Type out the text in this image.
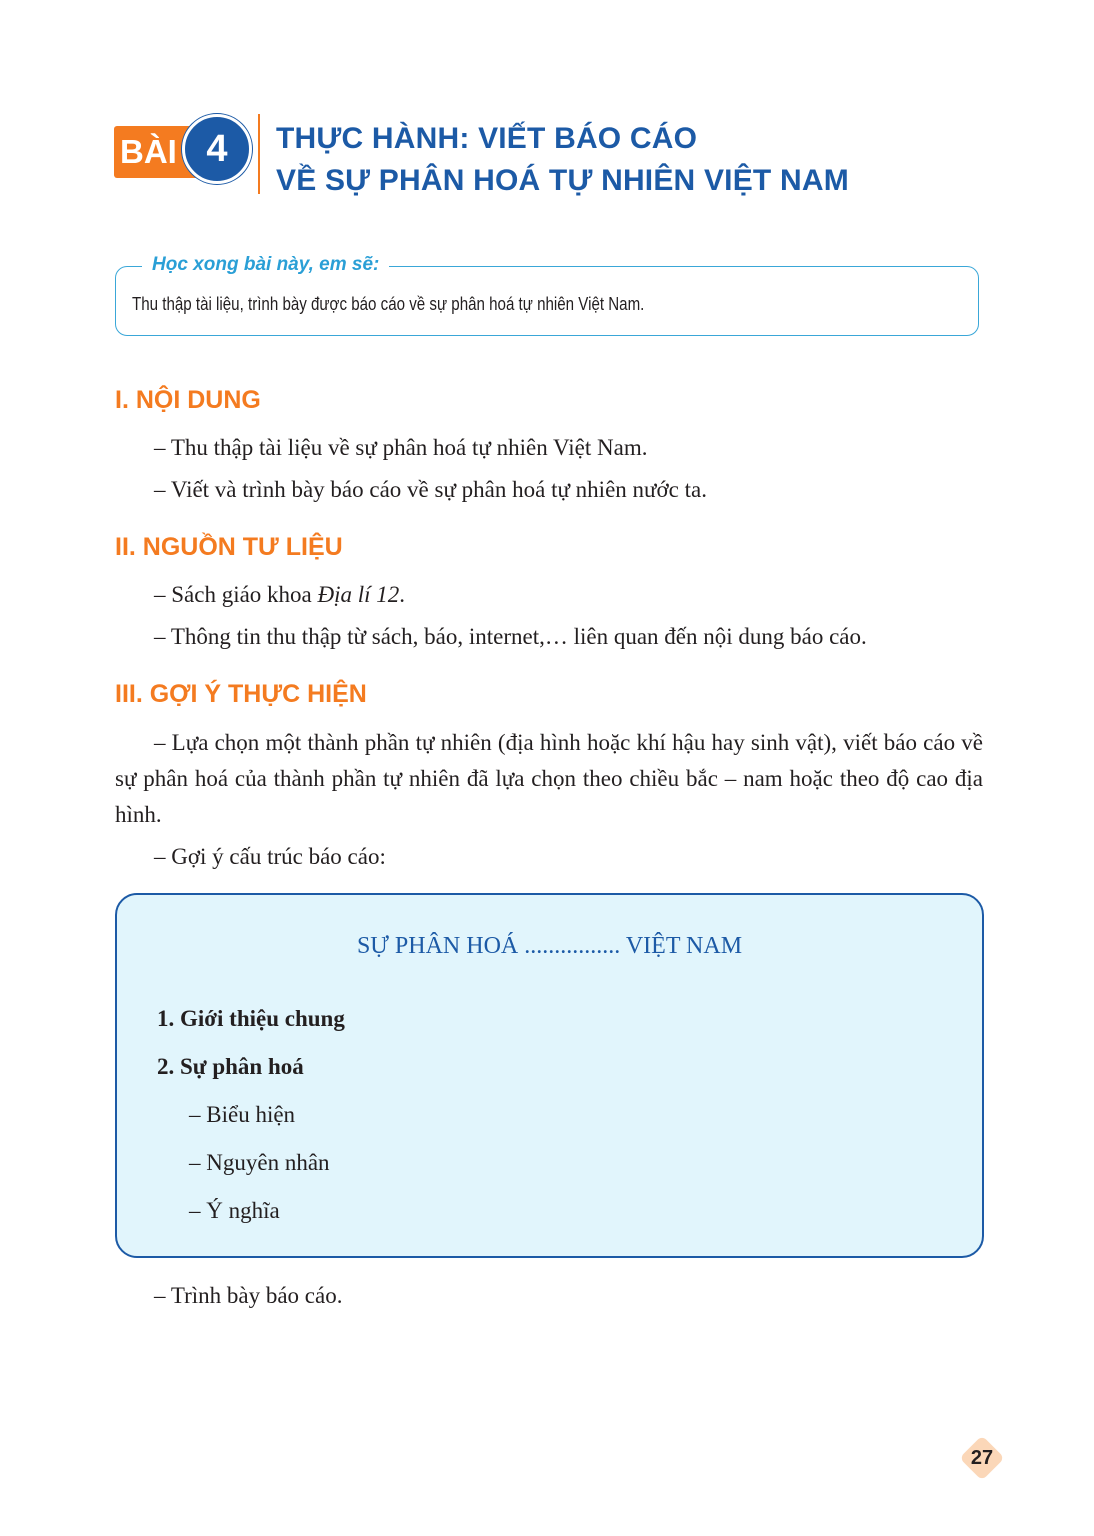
BÀI 4	THỰC HÀNH: VIẾT BÁO CÁO
VỀ SỰ PHÂN HOÁ TỰ NHIÊN VIỆT NAM
Học xong bài này, em sẽ:
Thu thập tài liệu, trình bày được báo cáo về sự phân hoá tự nhiên Việt Nam.
I. NỘI DUNG
– Thu thập tài liệu về sự phân hoá tự nhiên Việt Nam.
– Viết và trình bày báo cáo về sự phân hoá tự nhiên nước ta.
II. NGUỒN TƯ LIỆU
– Sách giáo khoa Địa lí 12.
– Thông tin thu thập từ sách, báo, internet,… liên quan đến nội dung báo cáo.
III. GỢI Ý THỰC HIỆN
– Lựa chọn một thành phần tự nhiên (địa hình hoặc khí hậu hay sinh vật), viết báo cáo về sự phân hoá của thành phần tự nhiên đã lựa chọn theo chiều bắc – nam hoặc theo độ cao địa hình.
– Gợi ý cấu trúc báo cáo:
SỰ PHÂN HOÁ ................ VIỆT NAM
1. Giới thiệu chung
2. Sự phân hoá
– Biểu hiện
– Nguyên nhân
– Ý nghĩa
– Trình bày báo cáo.
27
